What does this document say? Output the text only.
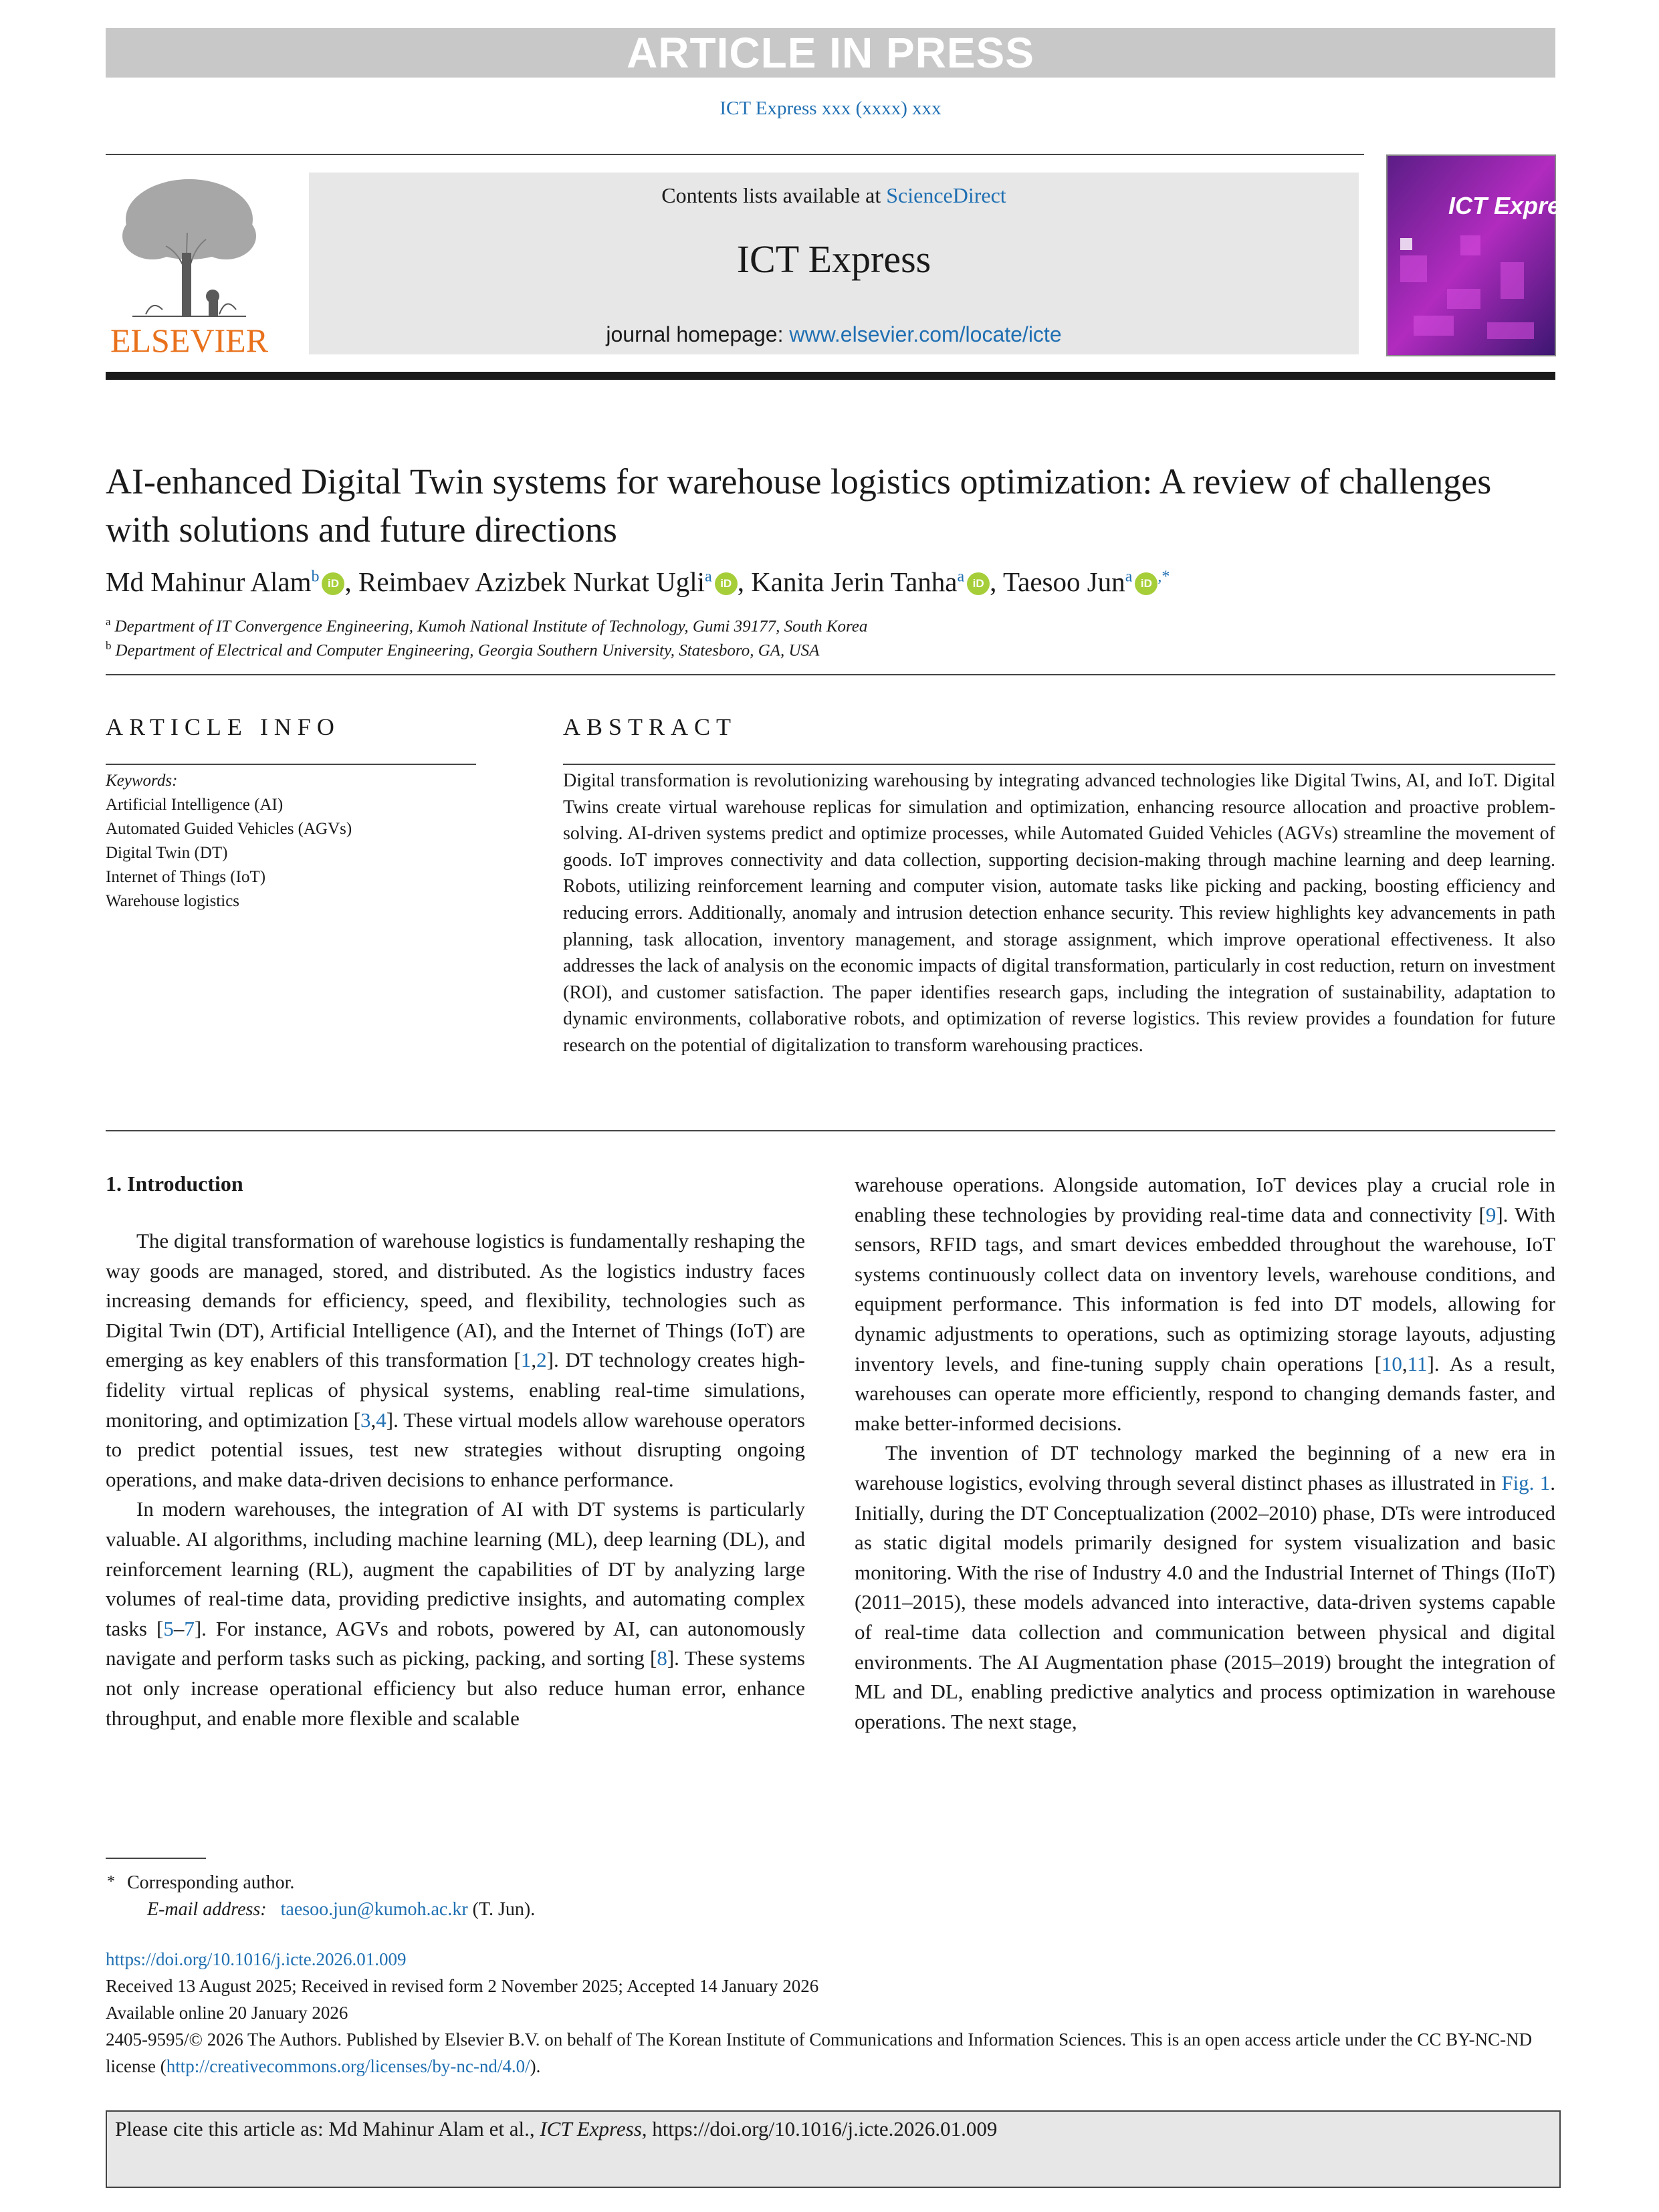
ARTICLE IN PRESS
ICT Express xxx (xxxx) xxx
ELSEVIER
Contents lists available at ScienceDirect
ICT Express
journal homepage: www.elsevier.com/locate/icte
ICT Express
AI-enhanced Digital Twin systems for warehouse logistics optimization: A review of challenges with solutions and future directions
Md Mahinur Alam$^b$ iD , Reimbaev Azizbek Nurkat Ugli$^a$ iD , Kanita Jerin Tanha$^a$ iD , Taesoo Jun$^a$ iD ,*
$^a$ Department of IT Convergence Engineering, Kumoh National Institute of Technology, Gumi 39177, South Korea
$^b$ Department of Electrical and Computer Engineering, Georgia Southern University, Statesboro, GA, USA
ARTICLE INFO
Keywords:
Artificial Intelligence (AI)
Automated Guided Vehicles (AGVs)
Digital Twin (DT)
Internet of Things (IoT)
Warehouse logistics
ABSTRACT
Digital transformation is revolutionizing warehousing by integrating advanced technologies like Digital Twins, AI, and IoT. Digital Twins create virtual warehouse replicas for simulation and optimization, enhancing resource allocation and proactive problem-solving. AI-driven systems predict and optimize processes, while Automated Guided Vehicles (AGVs) streamline the movement of goods. IoT improves connectivity and data collection, supporting decision-making through machine learning and deep learning. Robots, utilizing reinforcement learning and computer vision, automate tasks like picking and packing, boosting efficiency and reducing errors. Additionally, anomaly and intrusion detection enhance security. This review highlights key advancements in path planning, task allocation, inventory management, and storage assignment, which improve operational effectiveness. It also addresses the lack of analysis on the economic impacts of digital transformation, particularly in cost reduction, return on investment (ROI), and customer satisfaction. The paper identifies research gaps, including the integration of sustainability, adaptation to dynamic environments, collaborative robots, and optimization of reverse logistics. This review provides a foundation for future research on the potential of digitalization to transform warehousing practices.
1. Introduction

The digital transformation of warehouse logistics is fundamentally reshaping the way goods are managed, stored, and distributed. As the logistics industry faces increasing demands for efficiency, speed, and flexibility, technologies such as Digital Twin (DT), Artificial Intelligence (AI), and the Internet of Things (IoT) are emerging as key enablers of this transformation [1,2]. DT technology creates high-fidelity virtual replicas of physical systems, enabling real-time simulations, monitoring, and optimization [3,4]. These virtual models allow warehouse operators to predict potential issues, test new strategies without disrupting ongoing operations, and make data-driven decisions to enhance performance.

In modern warehouses, the integration of AI with DT systems is particularly valuable. AI algorithms, including machine learning (ML), deep learning (DL), and reinforcement learning (RL), augment the capabilities of DT by analyzing large volumes of real-time data, providing predictive insights, and automating complex tasks [5–7]. For instance, AGVs and robots, powered by AI, can autonomously navigate and perform tasks such as picking, packing, and sorting [8]. These systems not only increase operational efficiency but also reduce human error, enhance throughput, and enable more flexible and scalable

warehouse operations. Alongside automation, IoT devices play a crucial role in enabling these technologies by providing real-time data and connectivity [9]. With sensors, RFID tags, and smart devices embedded throughout the warehouse, IoT systems continuously collect data on inventory levels, warehouse conditions, and equipment performance. This information is fed into DT models, allowing for dynamic adjustments to operations, such as optimizing storage layouts, adjusting inventory levels, and fine-tuning supply chain operations [10,11]. As a result, warehouses can operate more efficiently, respond to changing demands faster, and make better-informed decisions.

The invention of DT technology marked the beginning of a new era in warehouse logistics, evolving through several distinct phases as illustrated in Fig. 1. Initially, during the DT Conceptualization (2002–2010) phase, DTs were introduced as static digital models primarily designed for system visualization and basic monitoring. With the rise of Industry 4.0 and the Industrial Internet of Things (IIoT) (2011–2015), these models advanced into interactive, data-driven systems capable of real-time data collection and communication between physical and digital environments. The AI Augmentation phase (2015–2019) brought the integration of ML and DL, enabling predictive analytics and process optimization in warehouse operations. The next stage,

* Corresponding author.
E-mail address: taesoo.jun@kumoh.ac.kr (T. Jun).
https://doi.org/10.1016/j.icte.2026.01.009
Received 13 August 2025; Received in revised form 2 November 2025; Accepted 14 January 2026
Available online 20 January 2026
2405-9595/© 2026 The Authors. Published by Elsevier B.V. on behalf of The Korean Institute of Communications and Information Sciences. This is an open access article under the CC BY-NC-ND license (http://creativecommons.org/licenses/by-nc-nd/4.0/).
Please cite this article as: Md Mahinur Alam et al., ICT Express, https://doi.org/10.1016/j.icte.2026.01.009
